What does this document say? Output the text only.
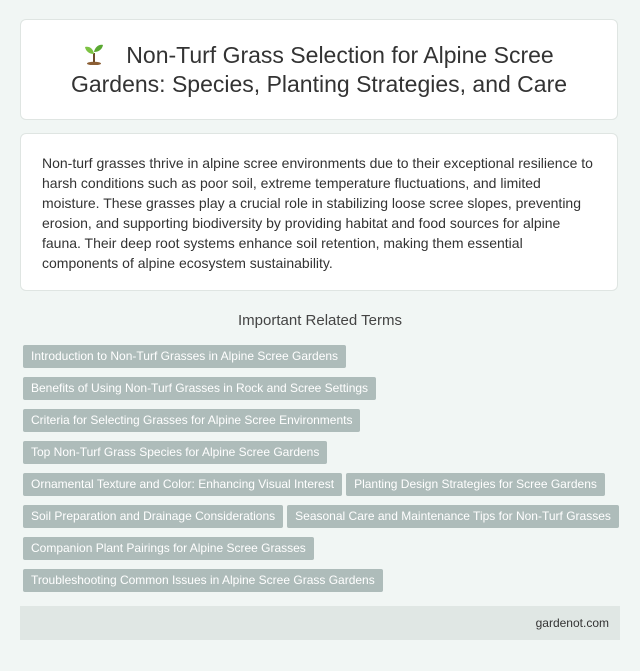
Non-Turf Grass Selection for Alpine Scree Gardens: Species, Planting Strategies, and Care

Non-turf grasses thrive in alpine scree environments due to their exceptional resilience to harsh conditions such as poor soil, extreme temperature fluctuations, and limited moisture. These grasses play a crucial role in stabilizing loose scree slopes, preventing erosion, and supporting biodiversity by providing habitat and food sources for alpine fauna. Their deep root systems enhance soil retention, making them essential components of alpine ecosystem sustainability.

Important Related Terms
Introduction to Non-Turf Grasses in Alpine Scree Gardens
Benefits of Using Non-Turf Grasses in Rock and Scree Settings
Criteria for Selecting Grasses for Alpine Scree Environments
Top Non-Turf Grass Species for Alpine Scree Gardens
Ornamental Texture and Color: Enhancing Visual Interest Planting Design Strategies for Scree Gardens
Soil Preparation and Drainage Considerations Seasonal Care and Maintenance Tips for Non-Turf Grasses
Companion Plant Pairings for Alpine Scree Grasses
Troubleshooting Common Issues in Alpine Scree Grass Gardens
gardenot.com
